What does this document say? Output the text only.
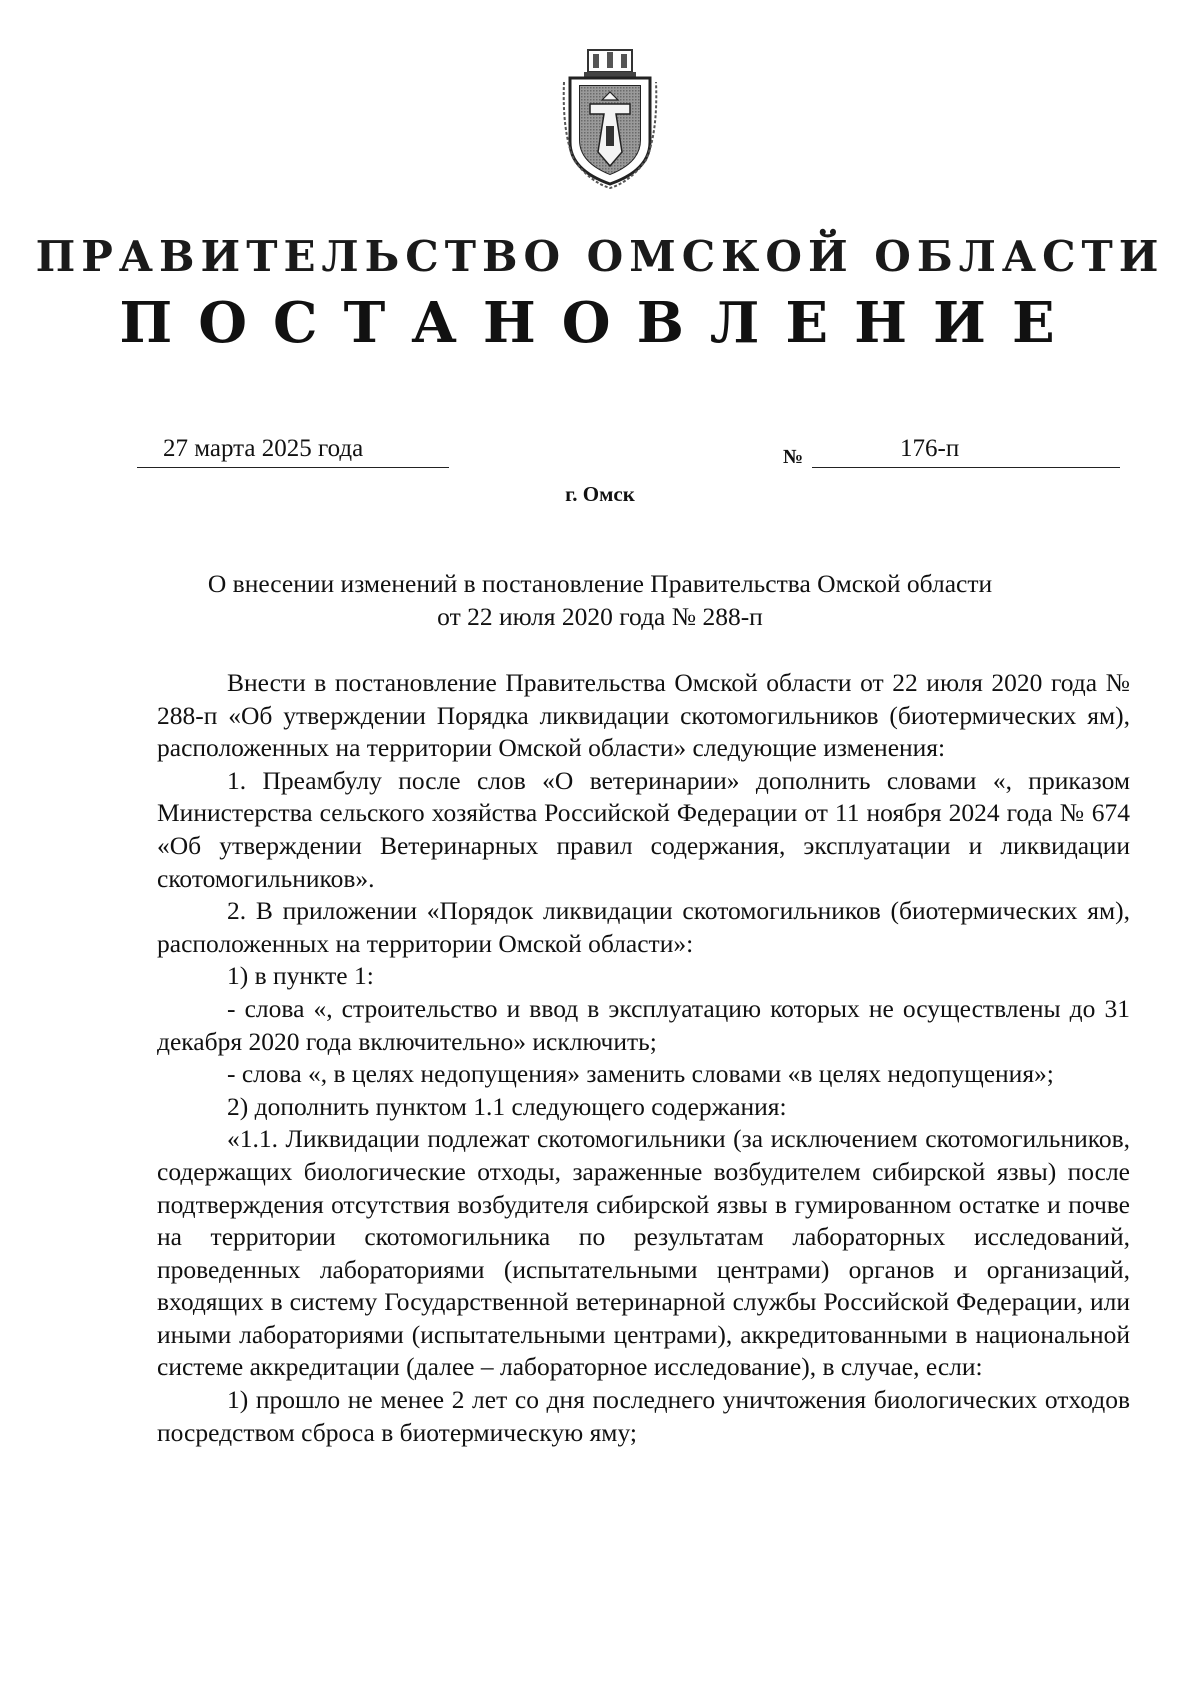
ПРАВИТЕЛЬСТВО ОМСКОЙ ОБЛАСТИ
ПОСТАНОВЛЕНИЕ
27 марта 2025 года	№	176-п
г. Омск
О внесении изменений в постановление Правительства Омской области
от 22 июля 2020 года № 288-п

Внести в постановление Правительства Омской области от 22 июля 2020 года № 288-п «Об утверждении Порядка ликвидации скотомогильников (биотермических ям), расположенных на территории Омской области» следующие изменения:

1. Преамбулу после слов «О ветеринарии» дополнить словами «, приказом Министерства сельского хозяйства Российской Федерации от 11 ноября 2024 года № 674 «Об утверждении Ветеринарных правил содержания, эксплуатации и ликвидации скотомогильников».

2. В приложении «Порядок ликвидации скотомогильников (биотермических ям), расположенных на территории Омской области»:

1) в пункте 1:

- слова «, строительство и ввод в эксплуатацию которых не осуществлены до 31 декабря 2020 года включительно» исключить;

- слова «, в целях недопущения» заменить словами «в целях недопущения»;

2) дополнить пунктом 1.1 следующего содержания:

«1.1. Ликвидации подлежат скотомогильники (за исключением скотомогильников, содержащих биологические отходы, зараженные возбудителем сибирской язвы) после подтверждения отсутствия возбудителя сибирской язвы в гумированном остатке и почве на территории скотомогильника по результатам лабораторных исследований, проведенных лабораториями (испытательными центрами) органов и организаций, входящих в систему Государственной ветеринарной службы Российской Федерации, или иными лабораториями (испытательными центрами), аккредитованными в национальной системе аккредитации (далее – лабораторное исследование), в случае, если:

1) прошло не менее 2 лет со дня последнего уничтожения биологических отходов посредством сброса в биотермическую яму;
